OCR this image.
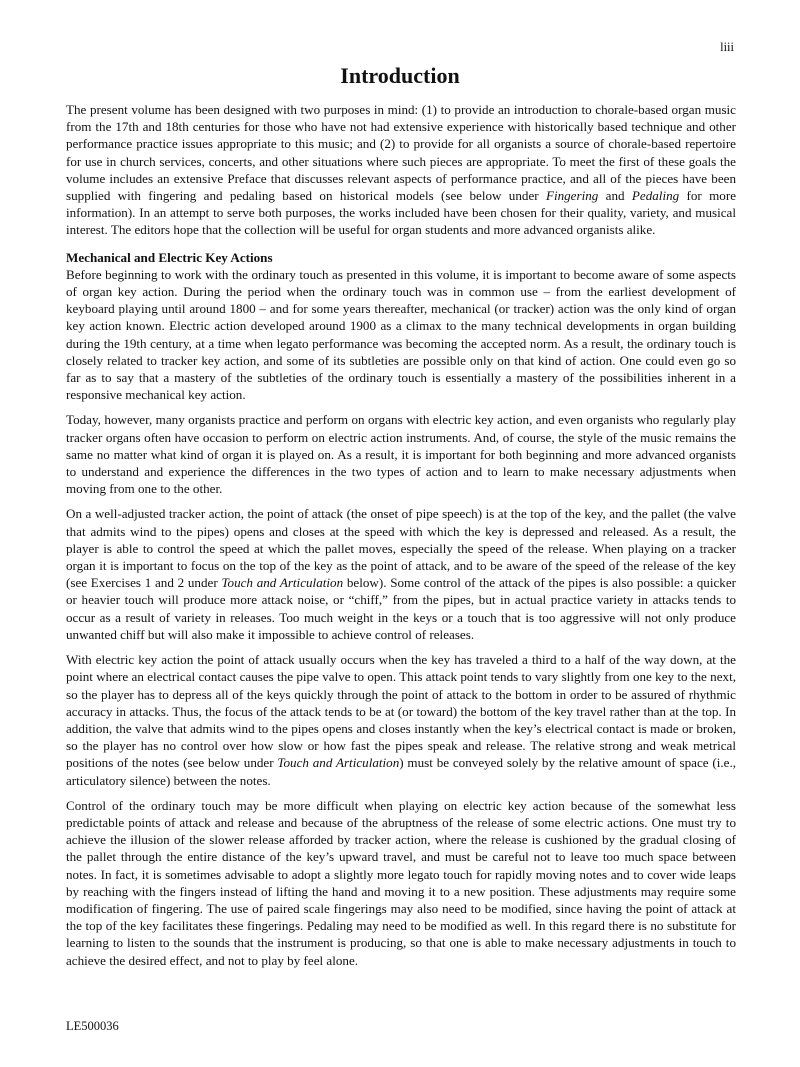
liii
Introduction

The present volume has been designed with two purposes in mind: (1) to provide an introduction to chorale-based organ music from the 17th and 18th centuries for those who have not had extensive experience with historically based technique and other performance practice issues appropriate to this music; and (2) to provide for all organists a source of chorale-based repertoire for use in church services, concerts, and other situations where such pieces are appropriate. To meet the first of these goals the volume includes an extensive Preface that discusses relevant aspects of performance practice, and all of the pieces have been supplied with fingering and pedaling based on historical models (see below under Fingering and Pedaling for more information). In an attempt to serve both purposes, the works included have been chosen for their quality, variety, and musical interest. The editors hope that the collection will be useful for organ students and more advanced organists alike.

Mechanical and Electric Key Actions

Before beginning to work with the ordinary touch as presented in this volume, it is important to become aware of some aspects of organ key action. During the period when the ordinary touch was in common use – from the earliest development of keyboard playing until around 1800 – and for some years thereafter, mechanical (or tracker) action was the only kind of organ key action known. Electric action developed around 1900 as a climax to the many technical developments in organ building during the 19th century, at a time when legato performance was becoming the accepted norm. As a result, the ordinary touch is closely related to tracker key action, and some of its subtleties are possible only on that kind of action. One could even go so far as to say that a mastery of the subtleties of the ordinary touch is essentially a mastery of the possibilities inherent in a responsive mechanical key action.

Today, however, many organists practice and perform on organs with electric key action, and even organists who regularly play tracker organs often have occasion to perform on electric action instruments. And, of course, the style of the music remains the same no matter what kind of organ it is played on. As a result, it is important for both beginning and more advanced organists to understand and experience the differences in the two types of action and to learn to make necessary adjustments when moving from one to the other.

On a well-adjusted tracker action, the point of attack (the onset of pipe speech) is at the top of the key, and the pallet (the valve that admits wind to the pipes) opens and closes at the speed with which the key is depressed and released. As a result, the player is able to control the speed at which the pallet moves, especially the speed of the release. When playing on a tracker organ it is important to focus on the top of the key as the point of attack, and to be aware of the speed of the release of the key (see Exercises 1 and 2 under Touch and Articulation below). Some control of the attack of the pipes is also possible: a quicker or heavier touch will produce more attack noise, or “chiff,” from the pipes, but in actual practice variety in attacks tends to occur as a result of variety in releases. Too much weight in the keys or a touch that is too aggressive will not only produce unwanted chiff but will also make it impossible to achieve control of releases.

With electric key action the point of attack usually occurs when the key has traveled a third to a half of the way down, at the point where an electrical contact causes the pipe valve to open. This attack point tends to vary slightly from one key to the next, so the player has to depress all of the keys quickly through the point of attack to the bottom in order to be assured of rhythmic accuracy in attacks. Thus, the focus of the attack tends to be at (or toward) the bottom of the key travel rather than at the top. In addition, the valve that admits wind to the pipes opens and closes instantly when the key’s electrical contact is made or broken, so the player has no control over how slow or how fast the pipes speak and release. The relative strong and weak metrical positions of the notes (see below under Touch and Articulation) must be conveyed solely by the relative amount of space (i.e., articulatory silence) between the notes.

Control of the ordinary touch may be more difficult when playing on electric key action because of the somewhat less predictable points of attack and release and because of the abruptness of the release of some electric actions. One must try to achieve the illusion of the slower release afforded by tracker action, where the release is cushioned by the gradual closing of the pallet through the entire distance of the key’s upward travel, and must be careful not to leave too much space between notes. In fact, it is sometimes advisable to adopt a slightly more legato touch for rapidly moving notes and to cover wide leaps by reaching with the fingers instead of lifting the hand and moving it to a new position. These adjustments may require some modification of fingering. The use of paired scale fingerings may also need to be modified, since having the point of attack at the top of the key facilitates these fingerings. Pedaling may need to be modified as well. In this regard there is no substitute for learning to listen to the sounds that the instrument is producing, so that one is able to make necessary adjustments in touch to achieve the desired effect, and not to play by feel alone.

LE500036
